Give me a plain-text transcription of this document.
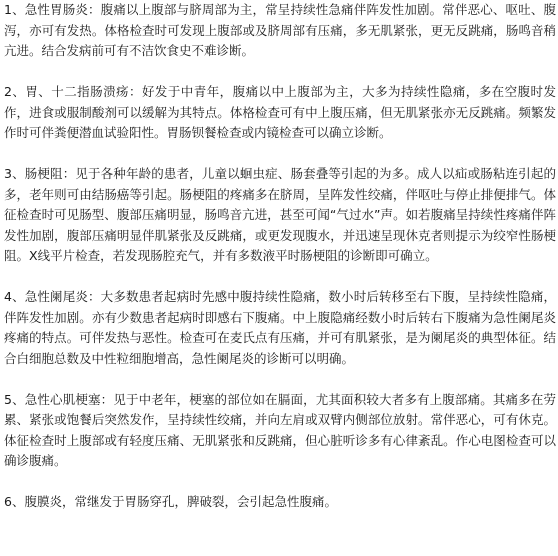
1、急性胃肠炎：腹痛以上腹部与脐周部为主，常呈持续性急痛伴阵发性加剧。常伴恶心、呕吐、腹泻，亦可有发热。体格检查时可发现上腹部或及脐周部有压痛，多无肌紧张，更无反跳痛，肠鸣音稍亢进。结合发病前可有不洁饮食史不难诊断。

2、胃、十二指肠溃疡：好发于中青年，腹痛以中上腹部为主，大多为持续性隐痛，多在空腹时发作，进食或服制酸剂可以缓解为其特点。体格检查可有中上腹压痛，但无肌紧张亦无反跳痛。频繁发作时可伴粪便潜血试验阳性。胃肠钡餐检查或内镜检查可以确立诊断。

3、肠梗阻：见于各种年龄的患者，儿童以蛔虫症、肠套叠等引起的为多。成人以疝或肠粘连引起的多，老年则可由结肠癌等引起。肠梗阻的疼痛多在脐周，呈阵发性绞痛，伴呕吐与停止排便排气。体征检查时可见肠型、腹部压痛明显，肠鸣音亢进，甚至可闻“气过水”声。如若腹痛呈持续性疼痛伴阵发性加剧，腹部压痛明显伴肌紧张及反跳痛，或更发现腹水，并迅速呈现休克者则提示为绞窄性肠梗阻。X线平片检查，若发现肠腔充气，并有多数液平时肠梗阻的诊断即可确立。

4、急性阑尾炎：大多数患者起病时先感中腹持续性隐痛，数小时后转移至右下腹，呈持续性隐痛，伴阵发性加剧。亦有少数患者起病时即感右下腹痛。中上腹隐痛经数小时后转右下腹痛为急性阑尾炎疼痛的特点。可伴发热与恶性。检查可在麦氏点有压痛，并可有肌紧张，是为阑尾炎的典型体征。结合白细胞总数及中性粒细胞增高，急性阑尾炎的诊断可以明确。

5、急性心肌梗塞：见于中老年，梗塞的部位如在膈面，尤其面积较大者多有上腹部痛。其痛多在劳累、紧张或饱餐后突然发作，呈持续性绞痛，并向左肩或双臂内侧部位放射。常伴恶心，可有休克。体征检查时上腹部或有轻度压痛、无肌紧张和反跳痛，但心脏听诊多有心律紊乱。作心电图检查可以确诊腹痛。

6、腹膜炎，常继发于胃肠穿孔，脾破裂，会引起急性腹痛。
